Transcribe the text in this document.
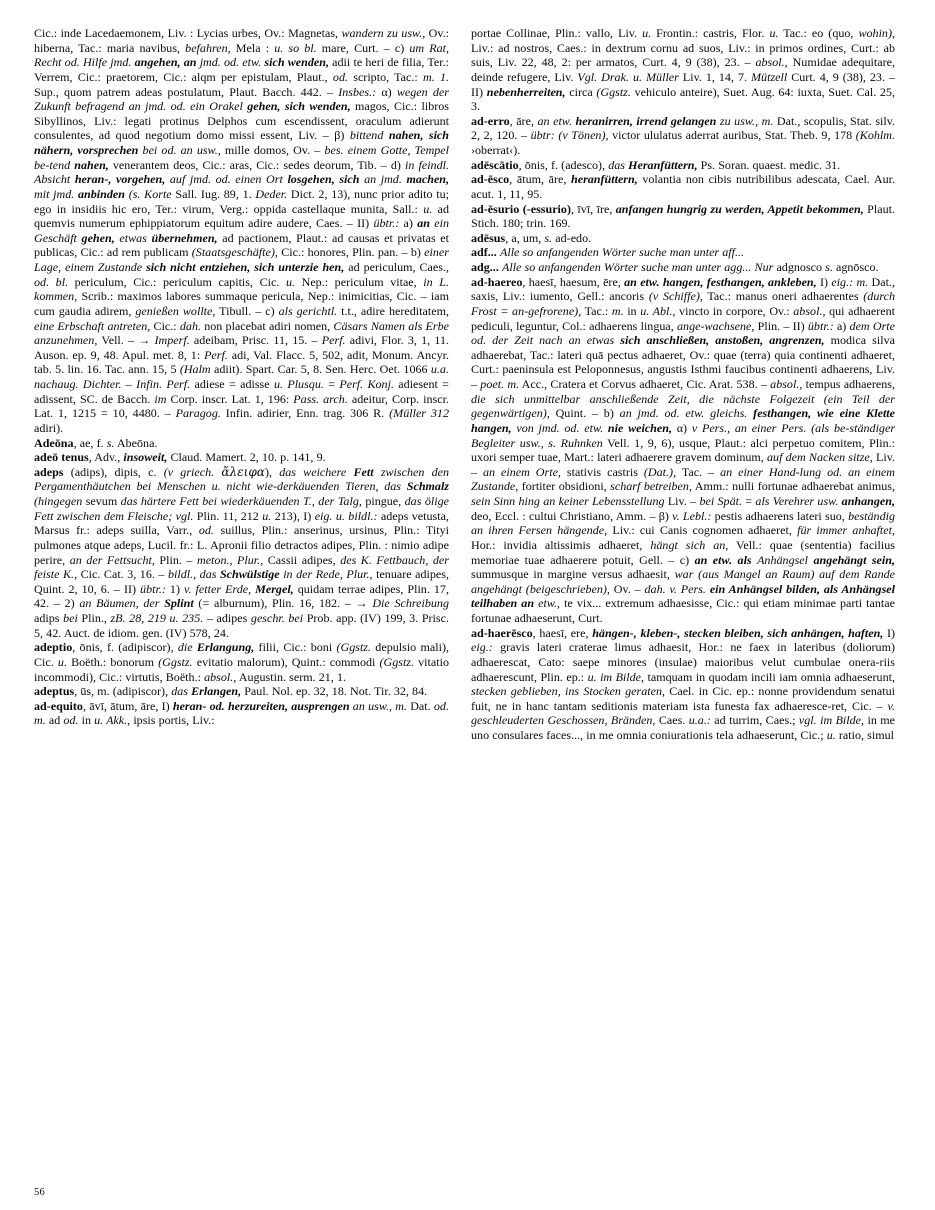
Cic.: inde Lacedaemonem, Liv. : Lycias urbes, Ov.: Magnetas, wandern zu usw., Ov.: hiberna, Tac.: maria navibus, befahren, Mela : u. so bl. mare, Curt. – c) um Rat, Recht od. Hilfe jmd. angehen, an jmd. od. etw. sich wenden, adii te heri de filia, Ter.: Verrem, Cic.: praetorem, Cic.: alqm per epistulam, Plaut., od. scripto, Tac.: m. 1. Sup., quom patrem adeas postulatum, Plaut. Bacch. 442. – Insbes.: α) wegen der Zukunft befragend an jmd. od. ein Orakel gehen, sich wenden, magos, Cic.: libros Sibyllinos, Liv.: legati protinus Delphos cum escendissent, oraculum adierunt consulentes, ad quod negotium domo missi essent, Liv. – β) bittend nahen, sich nähern, vorsprechen bei od. an usw., mille domos, Ov. – bes. einem Gotte, Tempel be-tend nahen, venerantem deos, Cic.: aras, Cic.: sedes deorum, Tib. – d) in feindl. Absicht heran-, vorgehen, auf jmd. od. einen Ort losgehen, sich an jmd. machen, mit jmd. anbinden (s. Korte Sall. Iug. 89, 1. Deder. Dict. 2, 13), nunc prior adito tu; ego in insidiis hic ero, Ter.: virum, Verg.: oppida castellaque munita, Sall.: u. ad quemvis numerum ephippiatorum equitum adire audere, Caes. – II) übtr.: a) an ein Geschäft gehen, etwas übernehmen, ad pactionem, Plaut.: ad causas et privatas et publicas, Cic.: ad rem publicam (Staatsgeschäfte), Cic.: honores, Plin. pan. – b) einer Lage, einem Zustande sich nicht entziehen, sich unterzie hen, ad periculum, Caes., od. bl. periculum, Cic.: periculum capitis, Cic. u. Nep.: periculum vitae, in L. kommen, Scrib.: maximos labores summaque pericula, Nep.: inimicitias, Cic. – iam cum gaudia adirem, genießen wollte, Tibull. – c) als gerichtl. t.t., adire hereditatem, eine Erbschaft antreten, Cic.: dah. non placebat adiri nomen, Cäsars Namen als Erbe anzunehmen, Vell. – → Imperf. adeibam, Prisc. 11, 15. – Perf. adivi, Flor. 3, 1, 11. Auson. ep. 9, 48. Apul. met. 8, 1: Perf. adi, Val. Flacc. 5, 502, adit, Monum. Ancyr. tab. 5. lin. 16. Tac. ann. 15, 5 (Halm adiit). Spart. Car. 5, 8. Sen. Herc. Oet. 1066 u.a. nachaug. Dichter. – Infin. Perf. adiese = adisse u. Plusqu. = Perf. Konj. adiesent = adissent, SC. de Bacch. im Corp. inscr. Lat. 1, 196: Pass. arch. adeitur, Corp. inscr. Lat. 1, 1215 = 10, 4480. – Paragog. Infin. adirier, Enn. trag. 306 R. (Müller 312 adiri).

Adeōna, ae, f. s. Abeōna.

adeō tenus, Adv., insoweit, Claud. Mamert. 2, 10. p. 141, 9.

adeps (adips), dipis, c. (v griech. ἄλειφα), das weichere Fett zwischen den Pergamenthäutchen bei Menschen u. nicht wie-derkäuenden Tieren, das Schmalz (hingegen sevum das härtere Fett bei wiederkäuenden T., der Talg, pingue, das ölige Fett zwischen dem Fleische; vgl. Plin. 11, 212 u. 213), I) eig. u. bildl.: adeps vetusta, Marsus fr.: adeps suilla, Varr., od. suillus, Plin.: anserinus, ursinus, Plin.: Tityi pulmones atque adeps, Lucil. fr.: L. Apronii filio detractos adipes, Plin. : nimio adipe perire, an der Fettsucht, Plin. – meton., Plur., Cassii adipes, des K. Fettbauch, der feiste K., Cic. Cat. 3, 16. – bildl., das Schwülstige in der Rede, Plur., tenuare adipes, Quint. 2, 10, 6. – II) übtr.: 1) v. fetter Erde, Mergel, quidam terrae adipes, Plin. 17, 42. – 2) an Bäumen, der Splint (= alburnum), Plin. 16, 182. – → Die Schreibung adips bei Plin., zB. 28, 219 u. 235. – adipes geschr. bei Prob. app. (IV) 199, 3. Prisc. 5, 42. Auct. de idiom. gen. (IV) 578, 24.

adeptio, ōnis, f. (adipiscor), die Erlangung, filii, Cic.: boni (Ggstz. depulsio mali), Cic. u. Boëth.: bonorum (Ggstz. evitatio malorum), Quint.: commodi (Ggstz. vitatio incommodi), Cic.: virtutis, Boëth.: absol., Augustin. serm. 21, 1.

adeptus, ūs, m. (adipiscor), das Erlangen, Paul. Nol. ep. 32, 18. Not. Tir. 32, 84.

ad-equito, āvī, ātum, āre, I) heran- od. herzureiten, ausprengen an usw., m. Dat. od. m. ad od. in u. Akk., ipsis portis, Liv.:

portae Collinae, Plin.: vallo, Liv. u. Frontin.: castris, Flor. u. Tac.: eo (quo, wohin), Liv.: ad nostros, Caes.: in dextrum cornu ad suos, Liv.: in primos ordines, Curt.: ab suis, Liv. 22, 48, 2: per armatos, Curt. 4, 9 (38), 23. – absol., Numidae adequitare, deinde refugere, Liv. Vgl. Drak. u. Müller Liv. 1, 14, 7. Mützell Curt. 4, 9 (38), 23. – II) nebenherreiten, circa (Ggstz. vehiculo anteire), Suet. Aug. 64: iuxta, Suet. Cal. 25, 3.

ad-erro, āre, an etw. heranirren, irrend gelangen zu usw., m. Dat., scopulis, Stat. silv. 2, 2, 120. – übtr: (v Tönen), victor ululatus aderrat auribus, Stat. Theb. 9, 178 (Kohlm. ›oberrat‹).

adēscātio, ōnis, f. (adesco), das Heranfüttern, Ps. Soran. quaest. medic. 31.

ad-ēsco, ātum, āre, heranfüttern, volantia non cibis nutribilibus adescata, Cael. Aur. acut. 1, 11, 95.

ad-ēsurio (-essurio), īvī, īre, anfangen hungrig zu werden, Appetit bekommen, Plaut. Stich. 180; trin. 169.

adēsus, a, um, s. ad-edo.

adf... Alle so anfangenden Wörter suche man unter aff...

adg... Alle so anfangenden Wörter suche man unter agg... Nur adgnosco s. agnōsco.

ad-haereo, haesī, haesum, ēre, an etw. hangen, festhangen, ankleben, I) eig.: m. Dat., saxis, Liv.: iumento, Gell.: ancoris (v Schiffe), Tac.: manus oneri adhaerentes (durch Frost = an-gefrorene), Tac.: m. in u. Abl., vincto in corpore, Ov.: absol., qui adhaerent pediculi, leguntur, Col.: adhaerens lingua, ange-wachsene, Plin. – II) übtr.: a) dem Orte od. der Zeit nach an etwas sich anschließen, anstoßen, angrenzen, modica silva adhaerebat, Tac.: lateri quā pectus adhaeret, Ov.: quae (terra) quia continenti adhaeret, Curt.: paeninsula est Peloponnesus, angustis Isthmi faucibus continenti adhaerens, Liv. – poet. m. Acc., Cratera et Corvus adhaeret, Cic. Arat. 538. – absol., tempus adhaerens, die sich unmittelbar anschließende Zeit, die nächste Folgezeit (ein Teil der gegenwärtigen), Quint. – b) an jmd. od. etw. gleichs. festhangen, wie eine Klette hangen, von jmd. od. etw. nie weichen, α) v Pers., an einer Pers. (als be-ständiger Begleiter usw., s. Ruhnken Vell. 1, 9, 6), usque, Plaut.: alci perpetuo comitem, Plin.: uxori semper tuae, Mart.: lateri adhaerere gravem dominum, auf dem Nacken sitze, Liv. – an einem Orte, stativis castris (Dat.), Tac. – an einer Hand-lung od. an einem Zustande, fortiter obsidioni, scharf betreiben, Amm.: nulli fortunae adhaerebat animus, sein Sinn hing an keiner Lebensstellung Liv. – bei Spät. = als Verehrer usw. anhangen, deo, Eccl. : cultui Christiano, Amm. – β) v. Lebl.: pestis adhaerens lateri suo, beständig an ihren Fersen hängende, Liv.: cui Canis cognomen adhaeret, für immer anhaftet, Hor.: invidia altissimis adhaeret, hängt sich an, Vell.: quae (sententia) facilius memoriae tuae adhaerere potuit, Gell. – c) an etw. als Anhängsel angehängt sein, summusque in margine versus adhaesit, war (aus Mangel an Raum) auf dem Rande angehängt (beigeschrieben), Ov. – dah. v. Pers. ein Anhängsel bilden, als Anhängsel teilhaben an etw., te vix... extremum adhaesisse, Cic.: qui etiam minimae parti tantae fortunae adhaeserunt, Curt.

ad-haerēsco, haesī, ere, hängen-, kleben-, stecken bleiben, sich anhängen, haften, I) eig.: gravis lateri craterae limus adhaesit, Hor.: ne faex in lateribus (doliorum) adhaerescat, Cato: saepe minores (insulae) maioribus velut cumbulae onera-riis adhaerescunt, Plin. ep.: u. im Bilde, tamquam in quodam incili iam omnia adhaeserunt, stecken geblieben, ins Stocken geraten, Cael. in Cic. ep.: nonne providendum senatui fuit, ne in hanc tantam seditionis materiam ista funesta fax adhaeresce-ret, Cic. – v. geschleuderten Geschossen, Bränden, Caes. u.a.: ad turrim, Caes.; vgl. im Bilde, in me uno consulares faces..., in me omnia coniurationis tela adhaeserunt, Cic.; u. ratio, simul

56
